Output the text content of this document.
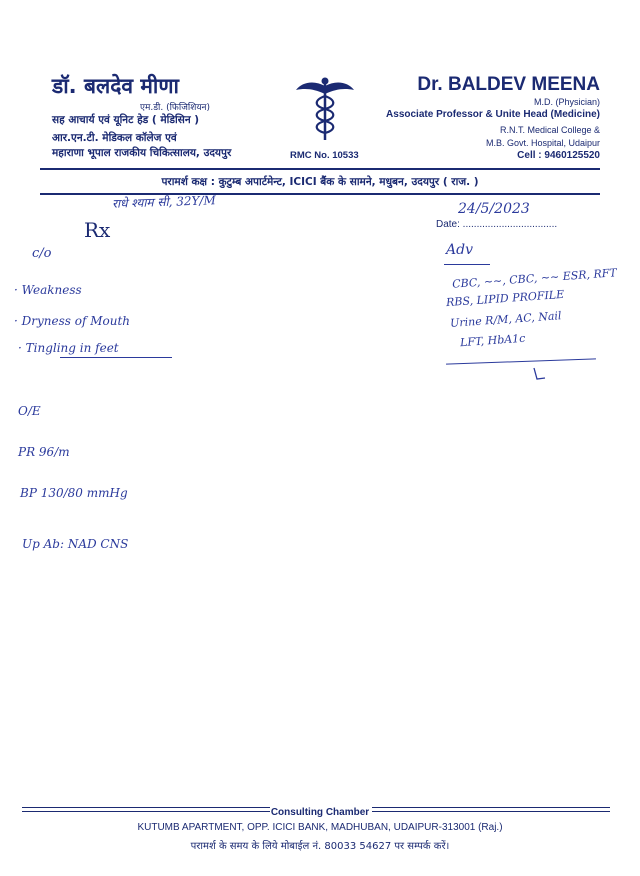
डॉ. बलदेव मीणा
एम.डी. (फिजिशियन)
सह आचार्य एवं यूनिट हेड ( मेडिसिन )
आर.एन.टी. मेडिकल कॉलेज एवं
महाराणा भूपाल राजकीय चिकित्सालय, उदयपुर	RMC No. 10533
Dr. BALDEV MEENA
M.D. (Physician)
Associate Professor & Unite Head (Medicine)
R.N.T. Medical College &
M.B. Govt. Hospital, Udaipur
Cell : 9460125520
परामर्श कक्ष : कुटुम्ब अपार्टमेन्ट, ICICI बैंक के सामने, मधुबन, उदयपुर ( राज. )
Rx	Date: ..................................
राधे श्याम सी, 32Y/M	24/5/2023
c/o
· Weakness
· Dryness of Mouth
· Tingling in feet
O/E
PR 96/m
BP 130/80 mmHg
Up Ab: NAD CNS
Adv
CBC, ~~, CBC, ~~ ESR, RFT
RBS, LIPID PROFILE
Urine R/M, AC, Nail
LFT, HbA1c
Consulting Chamber
KUTUMB APARTMENT, OPP. ICICI BANK, MADHUBAN, UDAIPUR-313001 (Raj.)
परामर्श के समय के लिये मोबाईल नं. 80033 54627 पर सम्पर्क करें।
